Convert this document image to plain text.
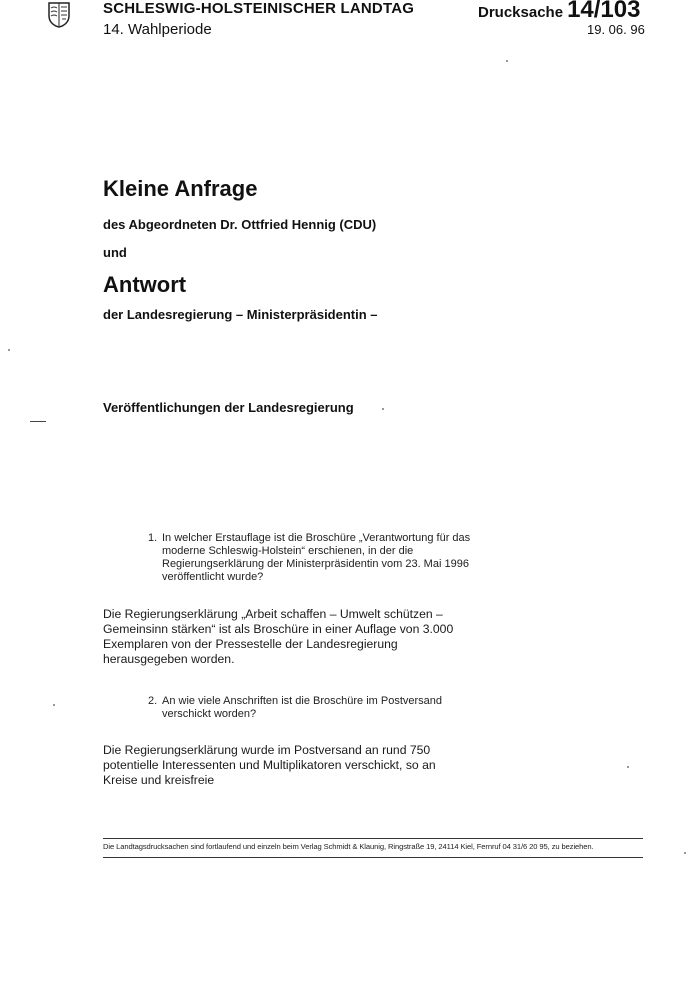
SCHLESWIG-HOLSTEINISCHER LANDTAG
14. Wahlperiode
Drucksache 14/103
19. 06. 96
Kleine Anfrage
des Abgeordneten Dr. Ottfried Hennig (CDU)
und
Antwort
der Landesregierung – Ministerpräsidentin –
Veröffentlichungen der Landesregierung
1. In welcher Erstauflage ist die Broschüre „Verantwortung für das moderne Schleswig-Holstein“ erschienen, in der die Regierungserklärung der Ministerpräsidentin vom 23. Mai 1996 veröffentlicht wurde?
Die Regierungserklärung „Arbeit schaffen – Umwelt schützen – Gemeinsinn stärken“ ist als Broschüre in einer Auflage von 3.000 Exemplaren von der Pressestelle der Landesregierung herausgegeben worden.
2. An wie viele Anschriften ist die Broschüre im Postversand verschickt worden?
Die Regierungserklärung wurde im Postversand an rund 750 potentielle Interessenten und Multiplikatoren verschickt, so an Kreise und kreisfreie
Die Landtagsdrucksachen sind fortlaufend und einzeln beim Verlag Schmidt & Klaunig, Ringstraße 19, 24114 Kiel, Fernruf 04 31/6 20 95, zu beziehen.
